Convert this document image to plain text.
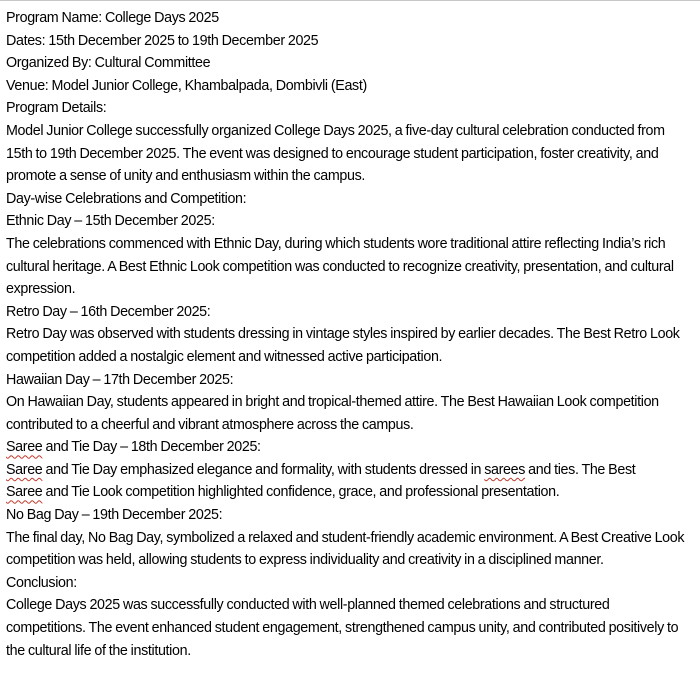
Program Name: College Days 2025

Dates: 15th December 2025 to 19th December 2025

Organized By: Cultural Committee

Venue: Model Junior College, Khambalpada, Dombivli (East)

Program Details:

Model Junior College successfully organized College Days 2025, a five-day cultural celebration conducted from 15th to 19th December 2025. The event was designed to encourage student participation, foster creativity, and promote a sense of unity and enthusiasm within the campus.

Day-wise Celebrations and Competition:

Ethnic Day – 15th December 2025:

The celebrations commenced with Ethnic Day, during which students wore traditional attire reflecting India’s rich cultural heritage. A Best Ethnic Look competition was conducted to recognize creativity, presentation, and cultural expression.

Retro Day – 16th December 2025:

Retro Day was observed with students dressing in vintage styles inspired by earlier decades. The Best Retro Look competition added a nostalgic element and witnessed active participation.

Hawaiian Day – 17th December 2025:

On Hawaiian Day, students appeared in bright and tropical-themed attire. The Best Hawaiian Look competition contributed to a cheerful and vibrant atmosphere across the campus.

Saree and Tie Day – 18th December 2025:

Saree and Tie Day emphasized elegance and formality, with students dressed in sarees and ties. The Best
Saree and Tie Look competition highlighted confidence, grace, and professional presentation.

No Bag Day – 19th December 2025:

The final day, No Bag Day, symbolized a relaxed and student-friendly academic environment. A Best Creative Look competition was held, allowing students to express individuality and creativity in a disciplined manner.

Conclusion:

College Days 2025 was successfully conducted with well-planned themed celebrations and structured competitions. The event enhanced student engagement, strengthened campus unity, and contributed positively to the cultural life of the institution.
